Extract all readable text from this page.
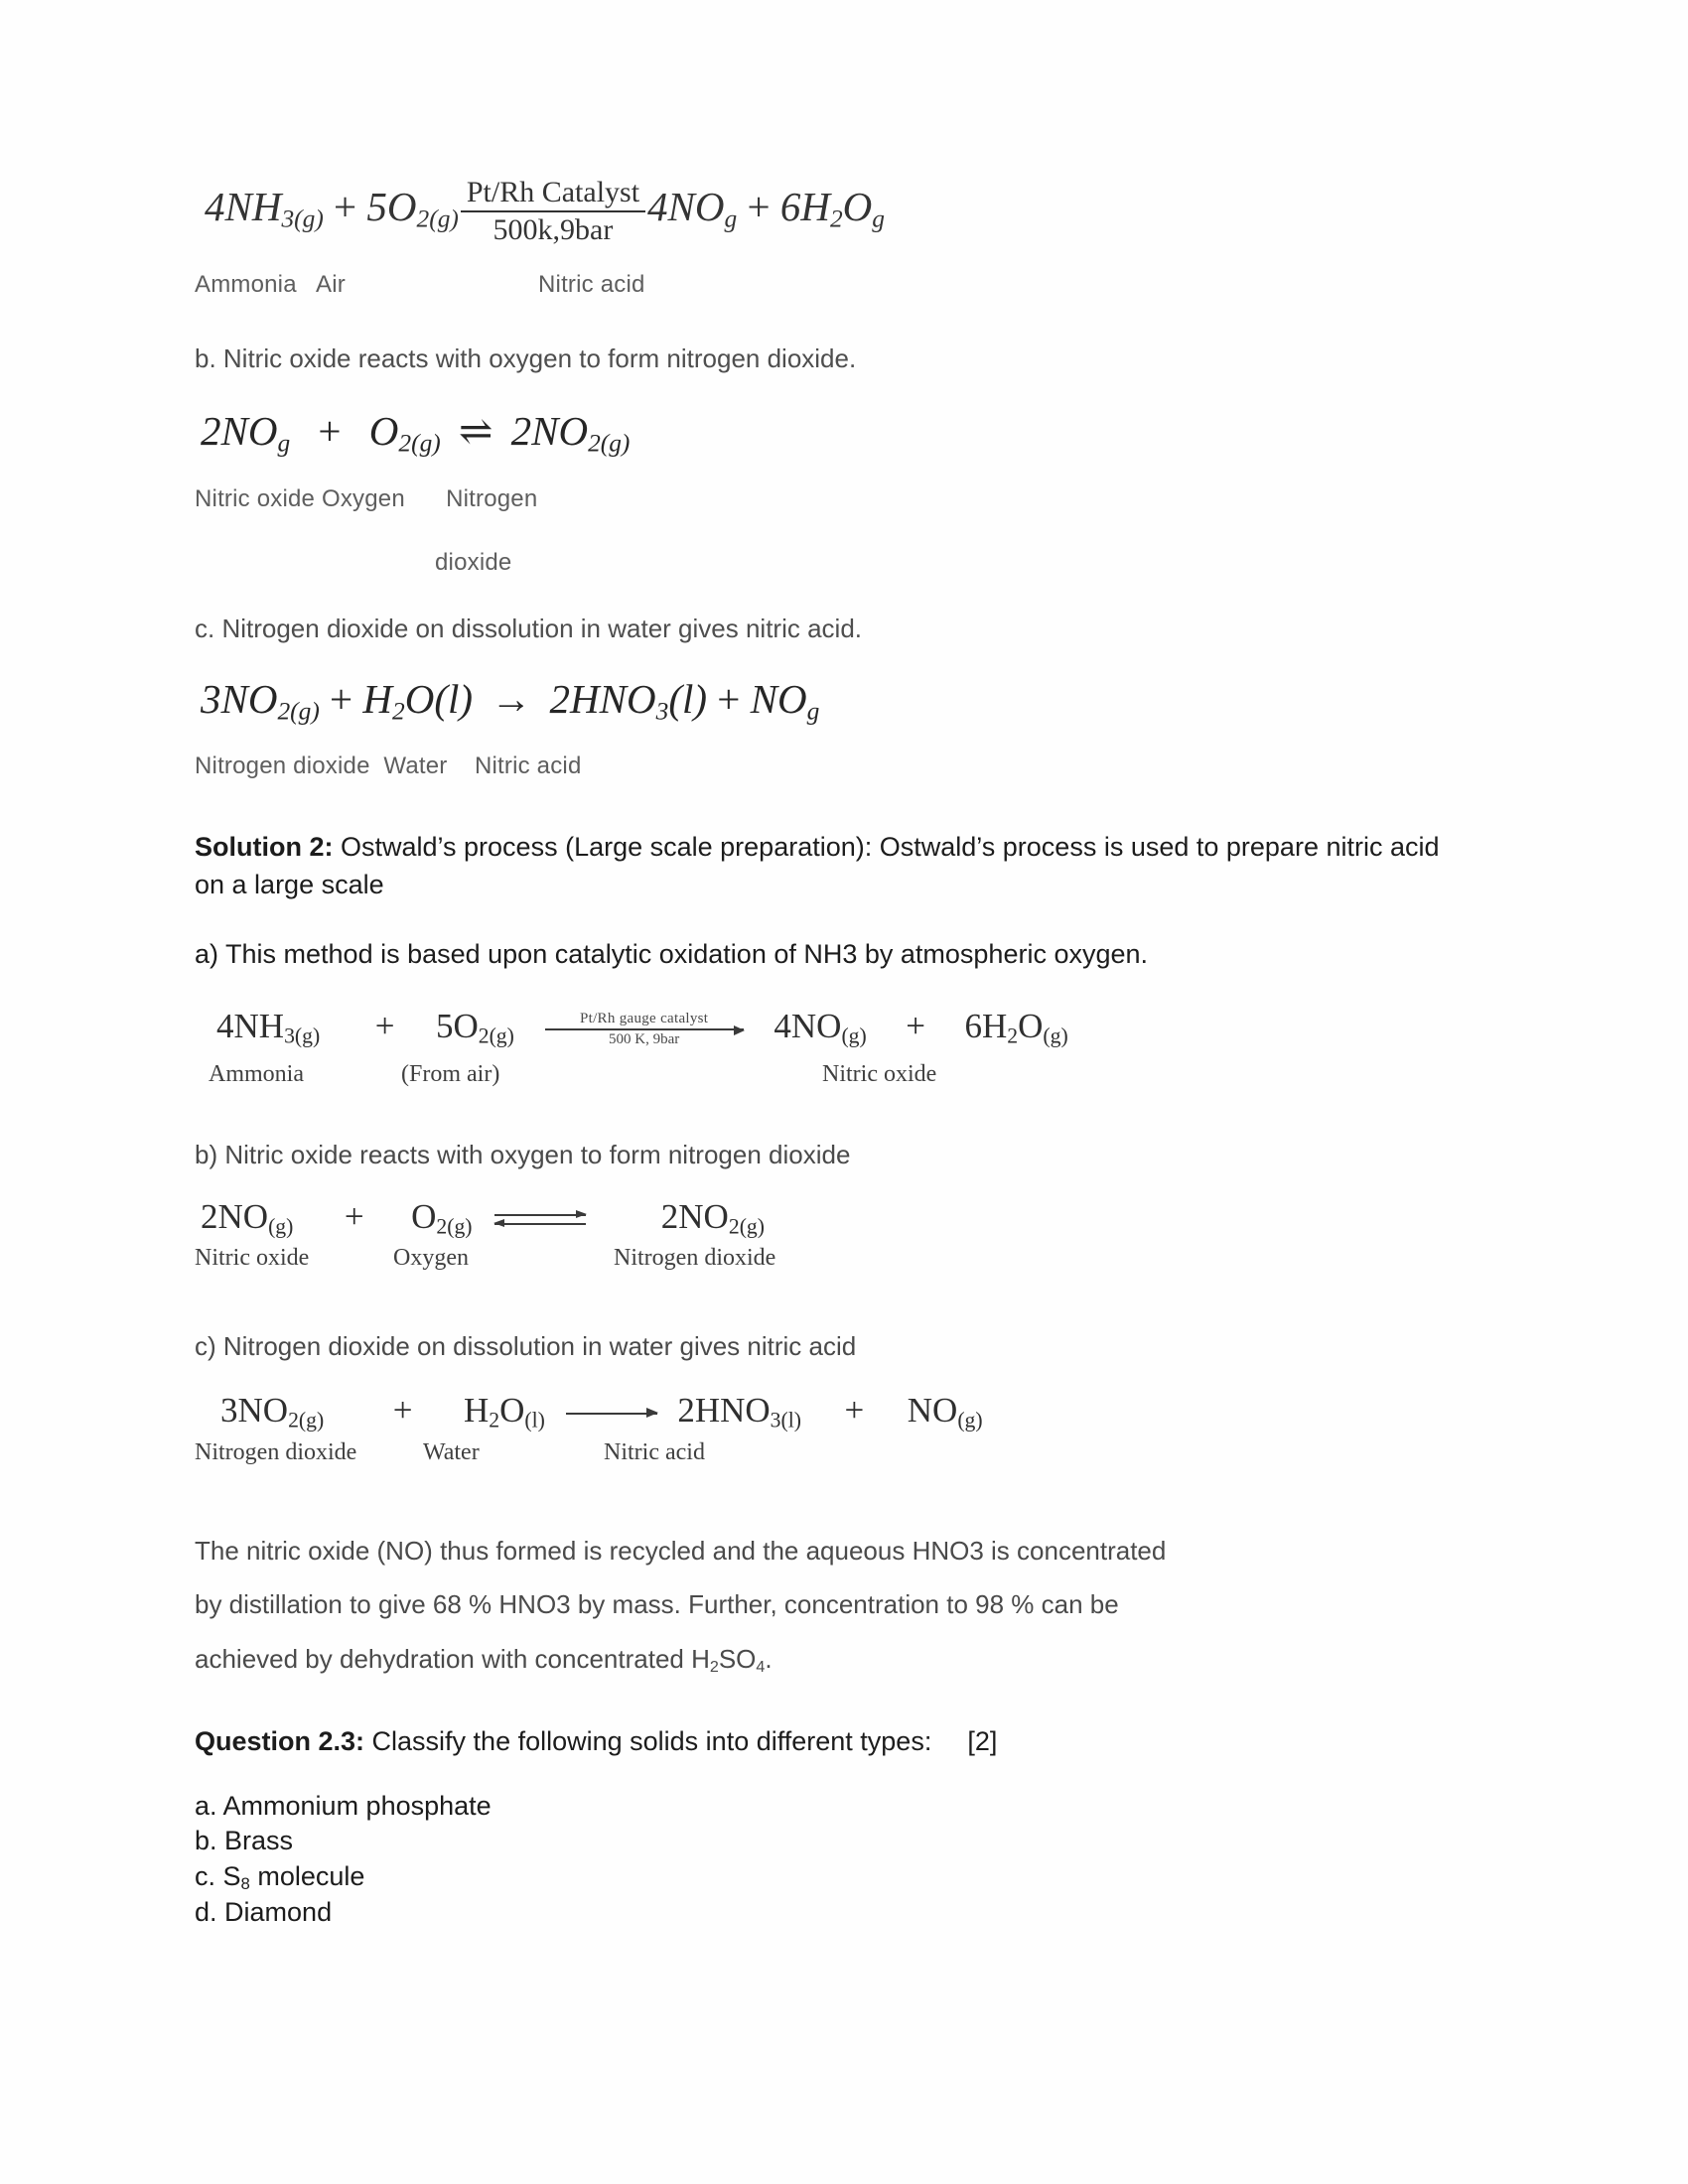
$4NH3(g) + 5O2(g) \frac{\text{Pt/Rh Catalyst}}{\text{500k,9bar}} 4NOg + 6H2Og$
Ammonia   Air	Nitric acid

b. Nitric oxide reacts with oxygen to form nitrogen dioxide.

2NOg + O2(g) ⇌ 2NO2(g)
Nitric oxide Oxygen      Nitrogen
dioxide

c. Nitrogen dioxide on dissolution in water gives nitric acid.

3NO2(g) + H2O(l) → 2HNO3(l) + NOg
Nitrogen dioxide  Water    Nitric acid

Solution 2: Ostwald’s process (Large scale preparation): Ostwald’s process is used to prepare nitric acid on a large scale

a) This method is based upon catalytic oxidation of NH3 by atmospheric oxygen.

$4NH_{3(g)} + 5O_{2(g)} \frac{\text{Pt/Rh gauge catalyst}}{\text{500 K, 9bar}} 4NO_{(g)} + 6H_2O_{(g)}$
Ammonia	(From air)	Nitric oxide

b) Nitric oxide reacts with oxygen to form nitrogen dioxide

$2NO_{(g)} + O_{2(g)}$	$2NO_{2(g)}$
Nitric oxide	Oxygen	Nitrogen dioxide

c) Nitrogen dioxide on dissolution in water gives nitric acid

$3NO_{2(g)} + H_2O_{(l)}$	$2HNO_{3(l)} + NO_{(g)}$
Nitrogen dioxide	Water	Nitric acid
The nitric oxide (NO) thus formed is recycled and the aqueous HNO3 is concentrated
by distillation to give 68 % HNO3 by mass. Further, concentration to 98 % can be
achieved by dehydration with concentrated $H_2SO_4$.

Question 2.3: Classify the following solids into different types: [2]

a. Ammonium phosphate
b. Brass
c. $S_8$ molecule
d. Diamond
